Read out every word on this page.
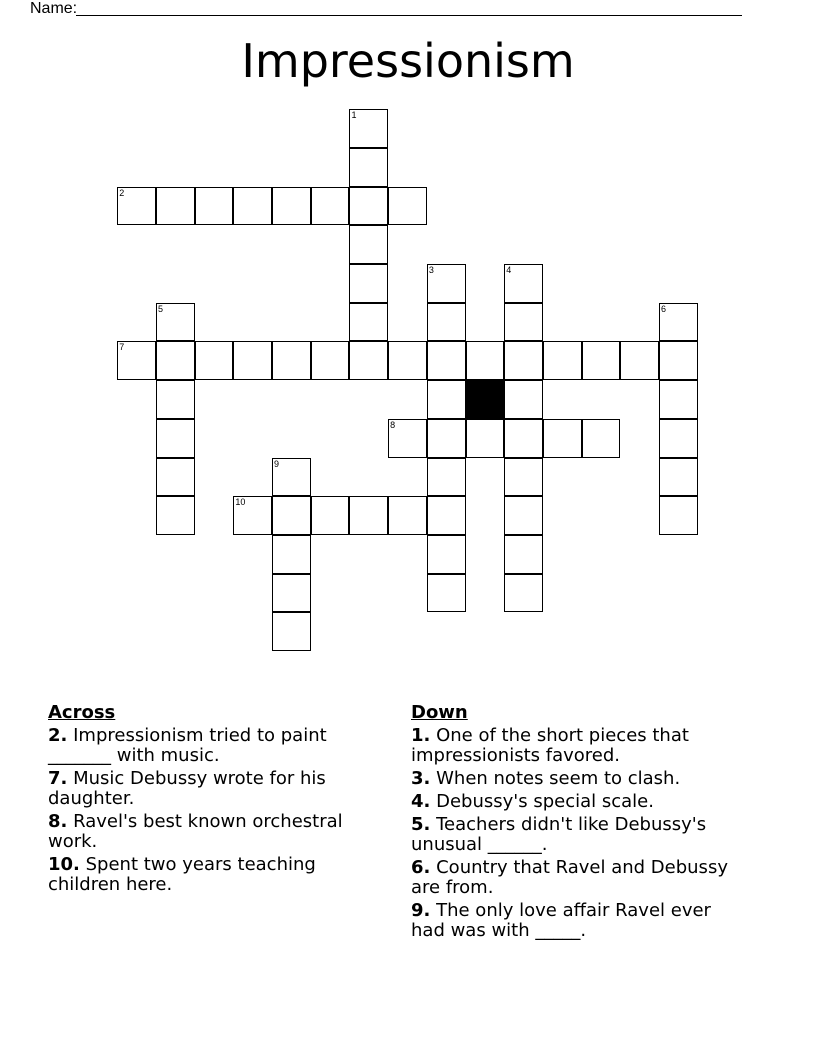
Name:
Impressionism
1
2
3	4
5	6
7
8
9
10
Across
2. Impressionism tried to paint _______ with music.
7. Music Debussy wrote for his daughter.
8. Ravel's best known orchestral work.
10. Spent two years teaching children here.
Down
1. One of the short pieces that impressionists favored.
3. When notes seem to clash.
4. Debussy's special scale.
5. Teachers didn't like Debussy's unusual ______.
6. Country that Ravel and Debussy are from.
9. The only love affair Ravel ever had was with _____.
